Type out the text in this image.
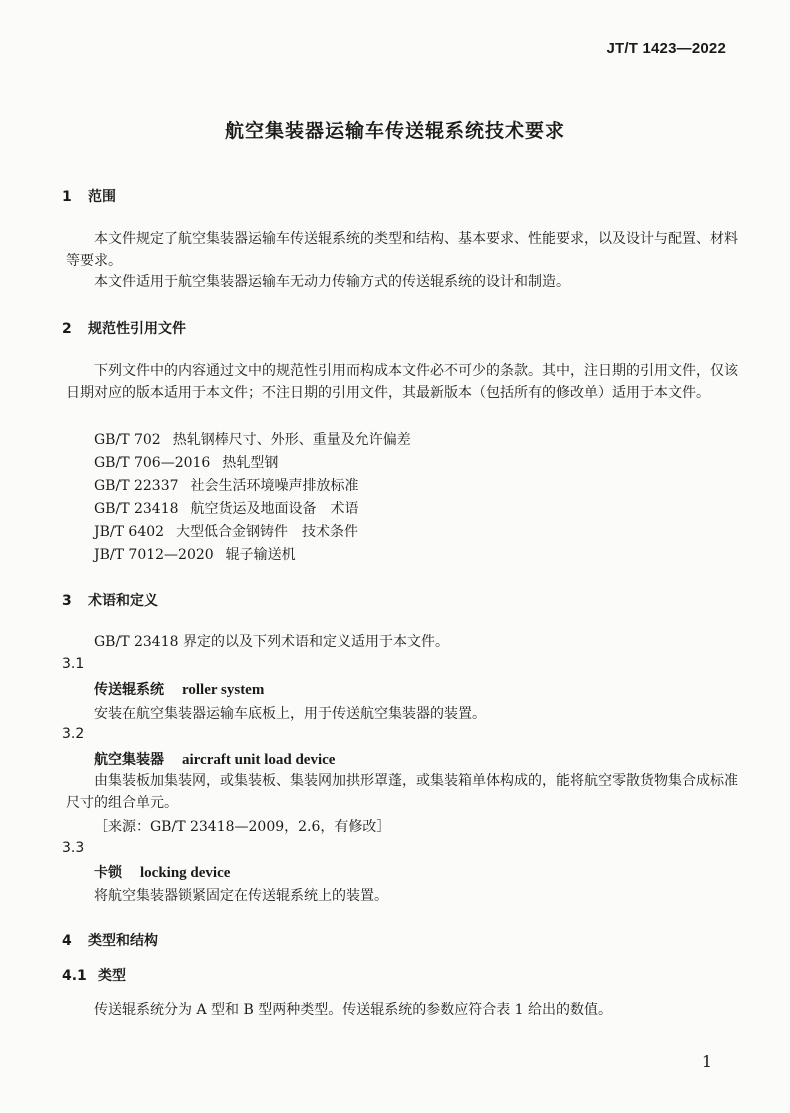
JT/T 1423—2022
航空集装器运输车传送辊系统技术要求
1 范围
本文件规定了航空集装器运输车传送辊系统的类型和结构、基本要求、性能要求，以及设计与配置、材料等要求。
本文件适用于航空集装器运输车无动力传输方式的传送辊系统的设计和制造。
2 规范性引用文件
下列文件中的内容通过文中的规范性引用而构成本文件必不可少的条款。其中，注日期的引用文件，仅该日期对应的版本适用于本文件；不注日期的引用文件，其最新版本（包括所有的修改单）适用于本文件。
GB/T 702 热轧钢棒尺寸、外形、重量及允许偏差
GB/T 706—2016 热轧型钢
GB/T 22337 社会生活环境噪声排放标准
GB/T 23418 航空货运及地面设备　术语
JB/T 6402 大型低合金钢铸件　技术条件
JB/T 7012—2020 辊子输送机
3 术语和定义
GB/T 23418 界定的以及下列术语和定义适用于本文件。
3.1
传送辊系统 roller system
安装在航空集装器运输车底板上，用于传送航空集装器的装置。
3.2
航空集装器 aircraft unit load device
由集装板加集装网，或集装板、集装网加拱形罩蓬，或集装箱单体构成的，能将航空零散货物集合成标准尺寸的组合单元。
［来源：GB/T 23418—2009，2.6，有修改］
3.3
卡锁 locking device
将航空集装器锁紧固定在传送辊系统上的装置。
4 类型和结构
4.1 类型
传送辊系统分为 A 型和 B 型两种类型。传送辊系统的参数应符合表 1 给出的数值。
1
